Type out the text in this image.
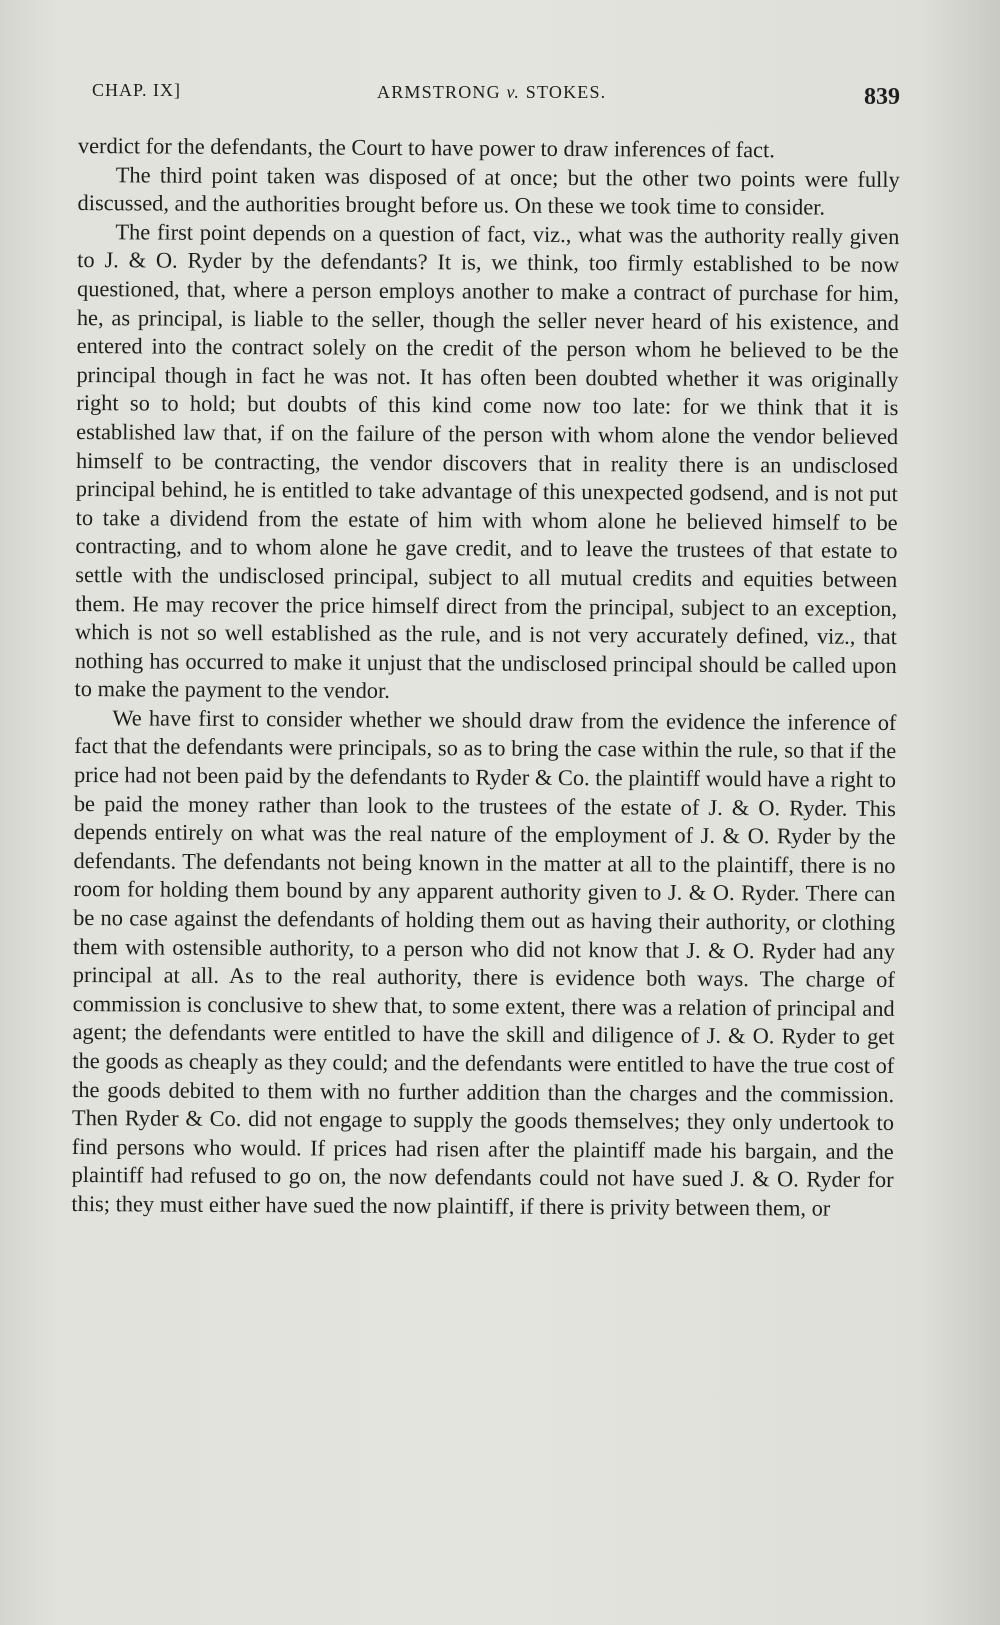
CHAP. IX]	ARMSTRONG v. STOKES.	839

verdict for the defendants, the Court to have power to draw inferences of fact.

The third point taken was disposed of at once; but the other two points were fully discussed, and the authorities brought before us. On these we took time to consider.

The first point depends on a question of fact, viz., what was the authority really given to J. & O. Ryder by the defendants? It is, we think, too firmly established to be now questioned, that, where a person employs another to make a contract of purchase for him, he, as principal, is liable to the seller, though the seller never heard of his existence, and entered into the contract solely on the credit of the person whom he believed to be the principal though in fact he was not. It has often been doubted whether it was originally right so to hold; but doubts of this kind come now too late: for we think that it is established law that, if on the failure of the person with whom alone the vendor believed himself to be contracting, the vendor discovers that in reality there is an undisclosed principal behind, he is entitled to take advantage of this unexpected godsend, and is not put to take a dividend from the estate of him with whom alone he believed himself to be contracting, and to whom alone he gave credit, and to leave the trustees of that estate to settle with the undisclosed principal, subject to all mutual credits and equities between them. He may recover the price himself direct from the principal, subject to an exception, which is not so well established as the rule, and is not very accurately defined, viz., that nothing has occurred to make it unjust that the undisclosed principal should be called upon to make the payment to the vendor.

We have first to consider whether we should draw from the evidence the inference of fact that the defendants were principals, so as to bring the case within the rule, so that if the price had not been paid by the defendants to Ryder & Co. the plaintiff would have a right to be paid the money rather than look to the trustees of the estate of J. & O. Ryder. This depends entirely on what was the real nature of the employment of J. & O. Ryder by the defendants. The defendants not being known in the matter at all to the plaintiff, there is no room for holding them bound by any apparent authority given to J. & O. Ryder. There can be no case against the defendants of holding them out as having their authority, or clothing them with ostensible authority, to a person who did not know that J. & O. Ryder had any principal at all. As to the real authority, there is evidence both ways. The charge of commission is conclusive to shew that, to some extent, there was a relation of principal and agent; the defendants were entitled to have the skill and diligence of J. & O. Ryder to get the goods as cheaply as they could; and the defendants were entitled to have the true cost of the goods debited to them with no further addition than the charges and the commission. Then Ryder & Co. did not engage to supply the goods themselves; they only undertook to find persons who would. If prices had risen after the plaintiff made his bargain, and the plaintiff had refused to go on, the now defendants could not have sued J. & O. Ryder for this; they must either have sued the now plaintiff, if there is privity between them, or
